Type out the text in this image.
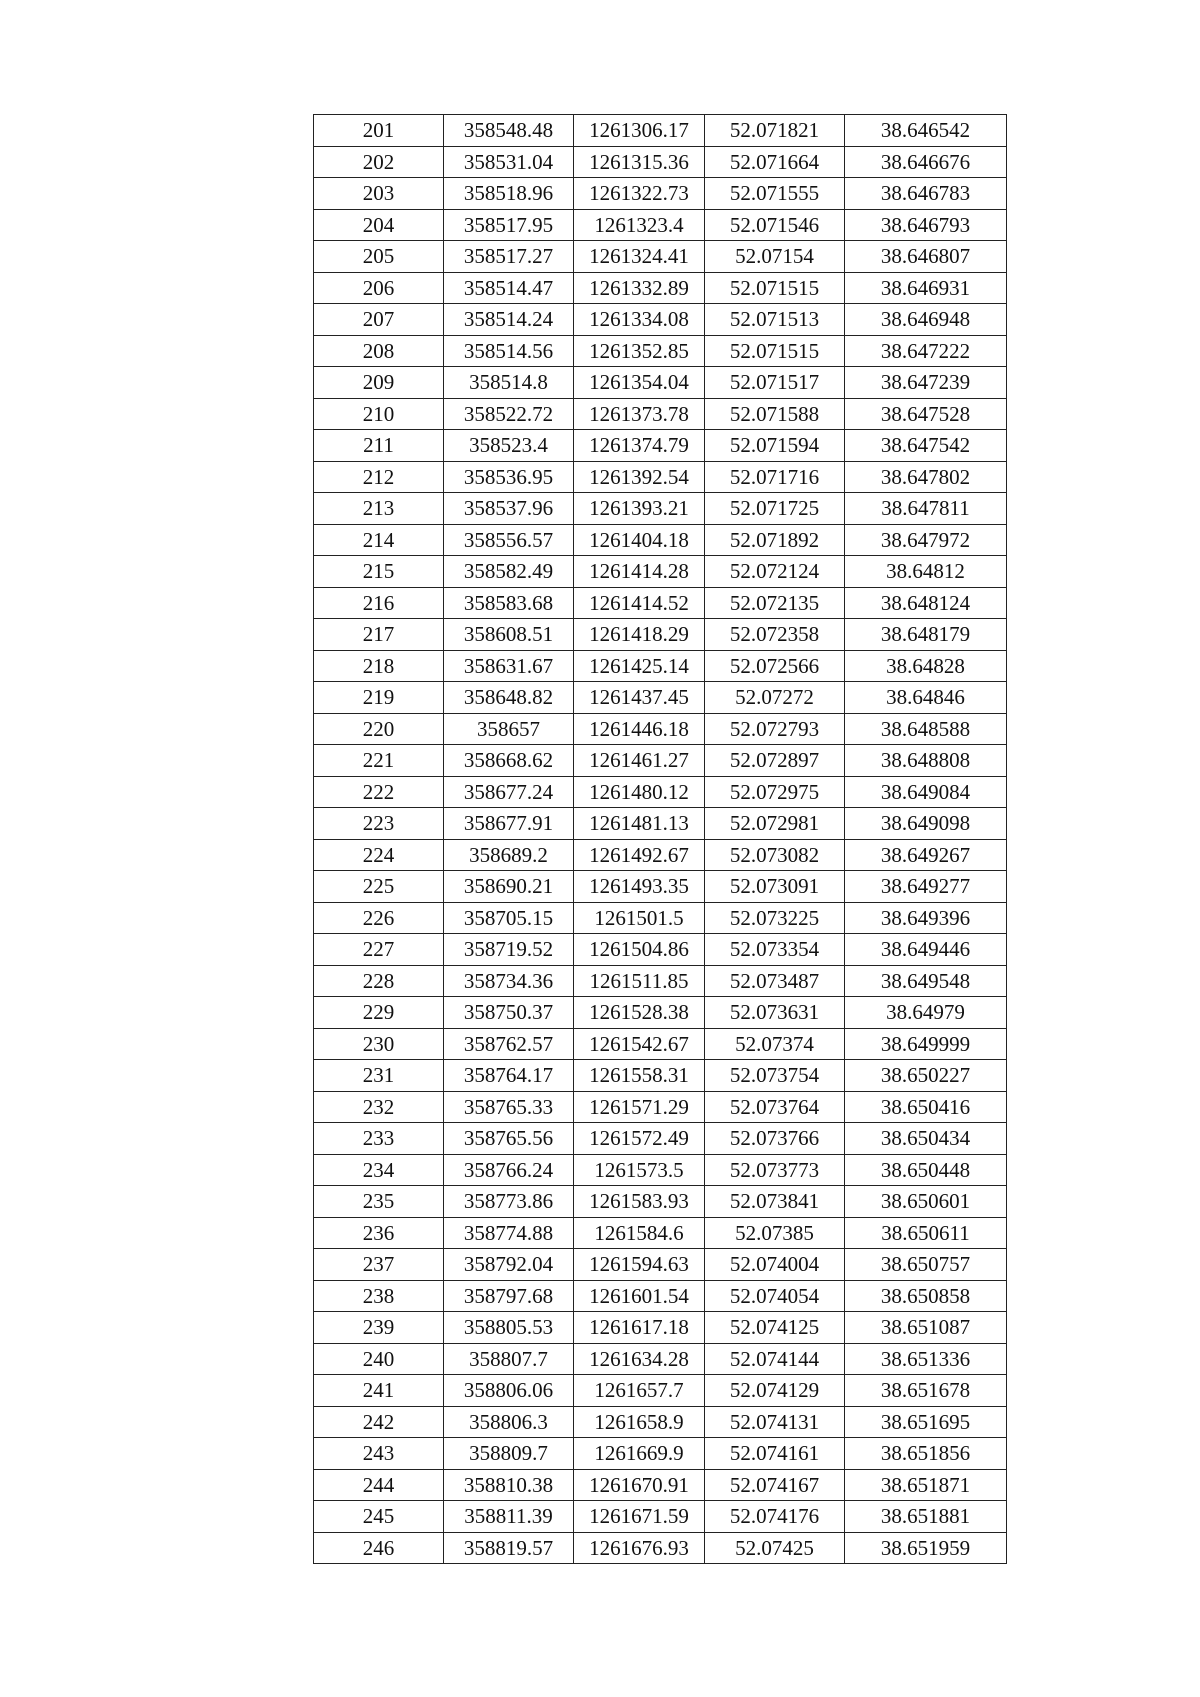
201	358548.48	1261306.17	52.071821	38.646542
202	358531.04	1261315.36	52.071664	38.646676
203	358518.96	1261322.73	52.071555	38.646783
204	358517.95	1261323.4	52.071546	38.646793
205	358517.27	1261324.41	52.07154	38.646807
206	358514.47	1261332.89	52.071515	38.646931
207	358514.24	1261334.08	52.071513	38.646948
208	358514.56	1261352.85	52.071515	38.647222
209	358514.8	1261354.04	52.071517	38.647239
210	358522.72	1261373.78	52.071588	38.647528
211	358523.4	1261374.79	52.071594	38.647542
212	358536.95	1261392.54	52.071716	38.647802
213	358537.96	1261393.21	52.071725	38.647811
214	358556.57	1261404.18	52.071892	38.647972
215	358582.49	1261414.28	52.072124	38.64812
216	358583.68	1261414.52	52.072135	38.648124
217	358608.51	1261418.29	52.072358	38.648179
218	358631.67	1261425.14	52.072566	38.64828
219	358648.82	1261437.45	52.07272	38.64846
220	358657	1261446.18	52.072793	38.648588
221	358668.62	1261461.27	52.072897	38.648808
222	358677.24	1261480.12	52.072975	38.649084
223	358677.91	1261481.13	52.072981	38.649098
224	358689.2	1261492.67	52.073082	38.649267
225	358690.21	1261493.35	52.073091	38.649277
226	358705.15	1261501.5	52.073225	38.649396
227	358719.52	1261504.86	52.073354	38.649446
228	358734.36	1261511.85	52.073487	38.649548
229	358750.37	1261528.38	52.073631	38.64979
230	358762.57	1261542.67	52.07374	38.649999
231	358764.17	1261558.31	52.073754	38.650227
232	358765.33	1261571.29	52.073764	38.650416
233	358765.56	1261572.49	52.073766	38.650434
234	358766.24	1261573.5	52.073773	38.650448
235	358773.86	1261583.93	52.073841	38.650601
236	358774.88	1261584.6	52.07385	38.650611
237	358792.04	1261594.63	52.074004	38.650757
238	358797.68	1261601.54	52.074054	38.650858
239	358805.53	1261617.18	52.074125	38.651087
240	358807.7	1261634.28	52.074144	38.651336
241	358806.06	1261657.7	52.074129	38.651678
242	358806.3	1261658.9	52.074131	38.651695
243	358809.7	1261669.9	52.074161	38.651856
244	358810.38	1261670.91	52.074167	38.651871
245	358811.39	1261671.59	52.074176	38.651881
246	358819.57	1261676.93	52.07425	38.651959
